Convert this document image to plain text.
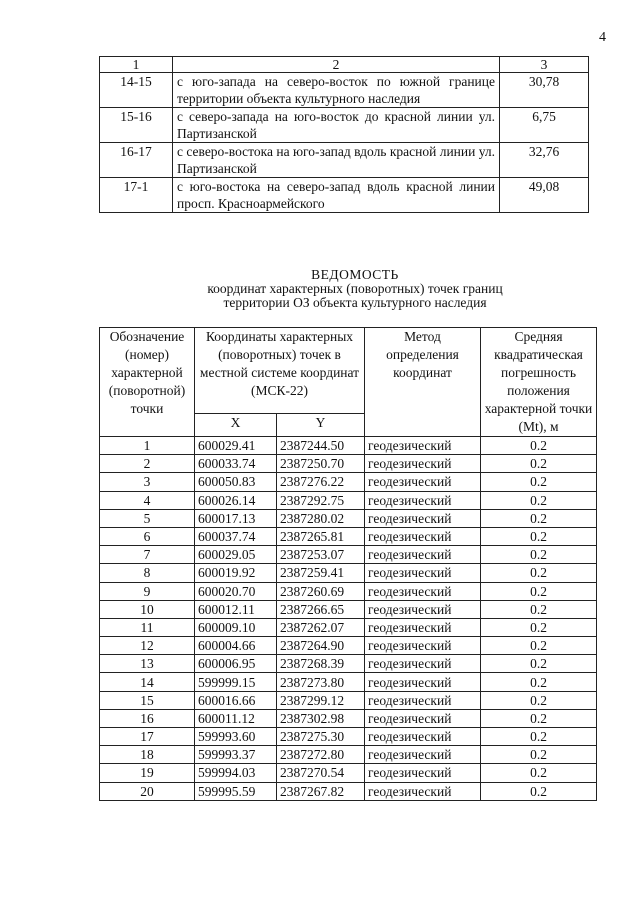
4
1	2	3
14-15	с юго-запада на северо-восток по южной границе территории объекта культурного наследия	30,78
15-16	с северо-запада на юго-восток до красной линии ул. Партизанской	6,75
16-17	с северо-востока на юго-запад вдоль красной линии ул. Партизанской	32,76
17-1	с юго-востока на северо-запад вдоль красной линии просп. Красноармейского	49,08
ВЕДОМОСТЬ
координат характерных (поворотных) точек границ
территории ОЗ объекта культурного наследия
Обозначение (номер) характерной (поворотной) точки	Координаты характерных (поворотных) точек в местной системе координат (МСК-22)		Метод определения координат	Средняя квадратическая погрешность положения характерной точки (Mt), м
	X	Y		
1	600029.41	2387244.50	геодезический	0.2
2	600033.74	2387250.70	геодезический	0.2
3	600050.83	2387276.22	геодезический	0.2
4	600026.14	2387292.75	геодезический	0.2
5	600017.13	2387280.02	геодезический	0.2
6	600037.74	2387265.81	геодезический	0.2
7	600029.05	2387253.07	геодезический	0.2
8	600019.92	2387259.41	геодезический	0.2
9	600020.70	2387260.69	геодезический	0.2
10	600012.11	2387266.65	геодезический	0.2
11	600009.10	2387262.07	геодезический	0.2
12	600004.66	2387264.90	геодезический	0.2
13	600006.95	2387268.39	геодезический	0.2
14	599999.15	2387273.80	геодезический	0.2
15	600016.66	2387299.12	геодезический	0.2
16	600011.12	2387302.98	геодезический	0.2
17	599993.60	2387275.30	геодезический	0.2
18	599993.37	2387272.80	геодезический	0.2
19	599994.03	2387270.54	геодезический	0.2
20	599995.59	2387267.82	геодезический	0.2
